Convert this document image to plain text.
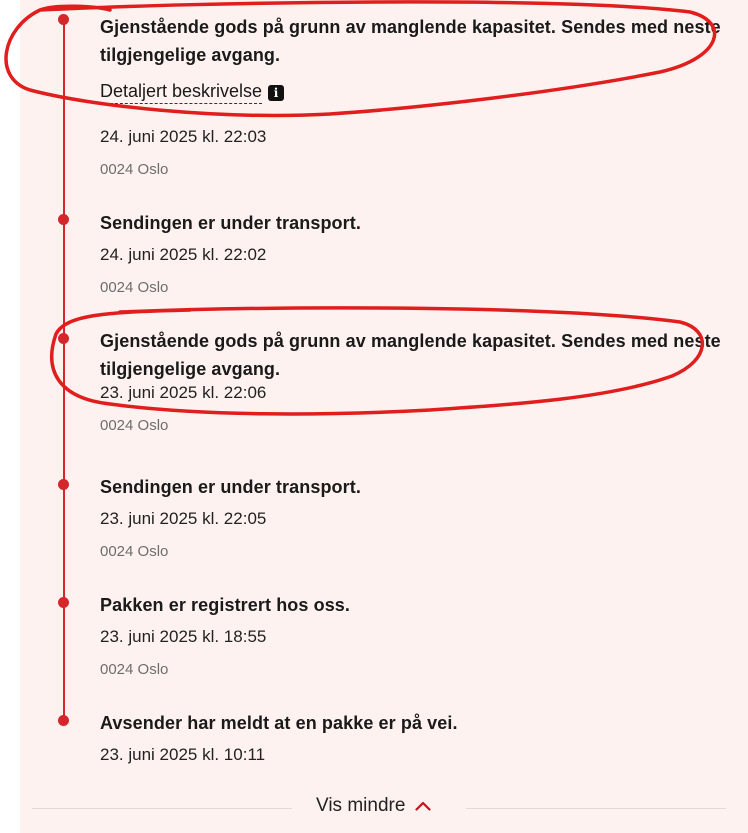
Gjenstående gods på grunn av manglende kapasitet. Sendes med neste tilgjengelige avgang.
Detaljert beskrivelse i
24. juni 2025 kl. 22:03
0024 Oslo
Sendingen er under transport.
24. juni 2025 kl. 22:02
0024 Oslo
Gjenstående gods på grunn av manglende kapasitet. Sendes med neste tilgjengelige avgang.
23. juni 2025 kl. 22:06
0024 Oslo
Sendingen er under transport.
23. juni 2025 kl. 22:05
0024 Oslo
Pakken er registrert hos oss.
23. juni 2025 kl. 18:55
0024 Oslo
Avsender har meldt at en pakke er på vei.
23. juni 2025 kl. 10:11
Vis mindre
